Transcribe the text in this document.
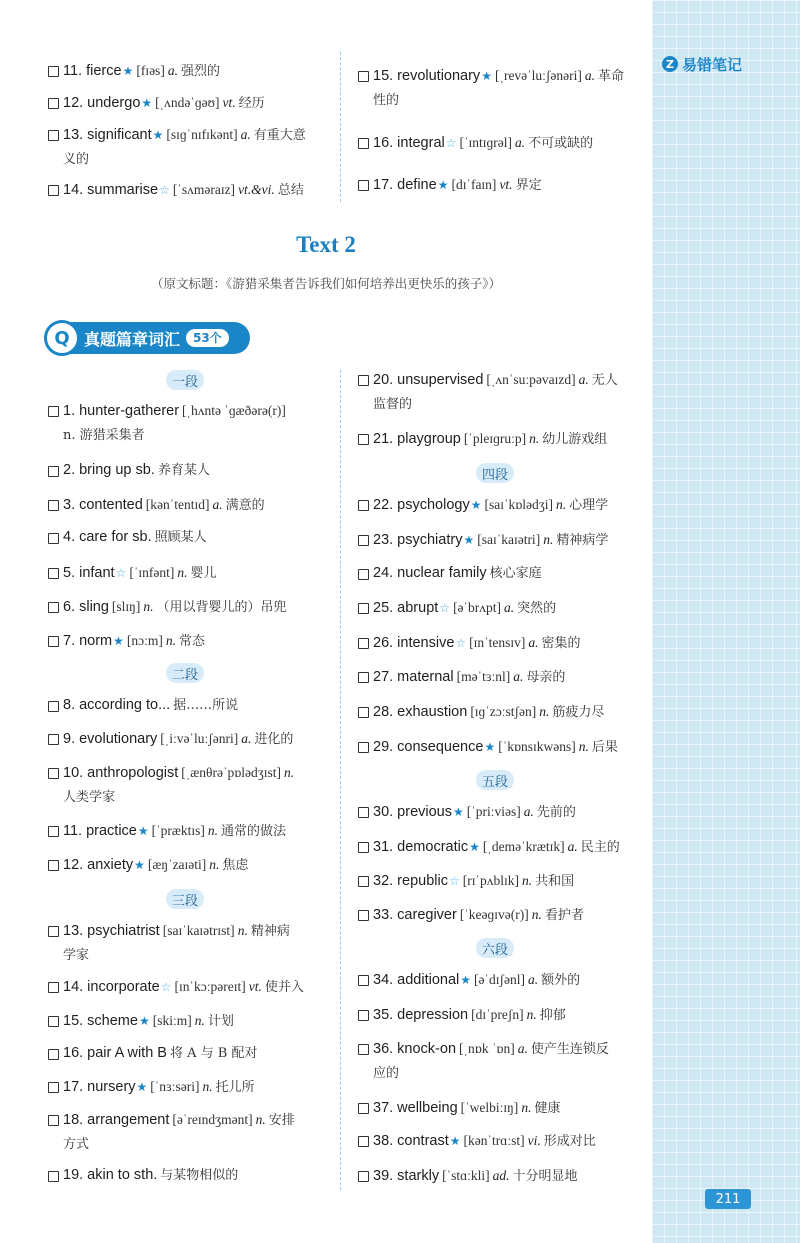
Z 易错笔记
11. fierce★ [fɪəs] a. 强烈的
12. undergo★ [ˌʌndəˈɡəʊ] vt. 经历
13. significant★ [sɪɡˈnɪfɪkənt] a. 有重大意
义的
14. summarise☆ [ˈsʌməraɪz] vt.&vi. 总结
15. revolutionary★ [ˌrevəˈluːʃənəri] a. 革命
性的
16. integral☆ [ˈɪntɪɡrəl] a. 不可或缺的
17. define★ [dɪˈfaɪn] vt. 界定
Text 2
（原文标题：《游猎采集者告诉我们如何培养出更快乐的孩子》）
Q 真题篇章词汇	53个
一段
二段
三段
四段
五段
六段
1. hunter-gatherer [ˌhʌntə ˈɡæðərə(r)]
n. 游猎采集者
2. bring up sb. 养育某人
3. contented [kənˈtentɪd] a. 满意的
4. care for sb. 照顾某人
5. infant☆ [ˈɪnfənt] n. 婴儿
6. sling [slɪŋ] n. （用以背婴儿的）吊兜
7. norm★ [nɔːm] n. 常态
8. according to... 据……所说
9. evolutionary [ˌiːvəˈluːʃənri] a. 进化的
10. anthropologist [ˌænθrəˈpɒlədʒɪst] n.
人类学家
11. practice★ [ˈpræktɪs] n. 通常的做法
12. anxiety★ [æŋˈzaɪəti] n. 焦虑
13. psychiatrist [saɪˈkaɪətrɪst] n. 精神病
学家
14. incorporate☆ [ɪnˈkɔːpəreɪt] vt. 使并入
15. scheme★ [skiːm] n. 计划
16. pair A with B 将 A 与 B 配对
17. nursery★ [ˈnɜːsəri] n. 托儿所
18. arrangement [əˈreɪndʒmənt] n. 安排
方式
19. akin to sth. 与某物相似的
20. unsupervised [ˌʌnˈsuːpəvaɪzd] a. 无人
监督的
21. playgroup [ˈpleɪɡruːp] n. 幼儿游戏组
22. psychology★ [saɪˈkɒlədʒi] n. 心理学
23. psychiatry★ [saɪˈkaɪətri] n. 精神病学
24. nuclear family 核心家庭
25. abrupt☆ [əˈbrʌpt] a. 突然的
26. intensive☆ [ɪnˈtensɪv] a. 密集的
27. maternal [məˈtɜːnl] a. 母亲的
28. exhaustion [ɪɡˈzɔːstʃən] n. 筋疲力尽
29. consequence★ [ˈkɒnsɪkwəns] n. 后果
30. previous★ [ˈpriːviəs] a. 先前的
31. democratic★ [ˌdeməˈkrætɪk] a. 民主的
32. republic☆ [rɪˈpʌblɪk] n. 共和国
33. caregiver [ˈkeəɡɪvə(r)] n. 看护者
34. additional★ [əˈdɪʃənl] a. 额外的
35. depression [dɪˈpreʃn] n. 抑郁
36. knock-on [ˌnɒk ˈɒn] a. 使产生连锁反
应的
37. wellbeing [ˈwelbiːɪŋ] n. 健康
38. contrast★ [kənˈtrɑːst] vi. 形成对比
39. starkly [ˈstɑːkli] ad. 十分明显地
211
